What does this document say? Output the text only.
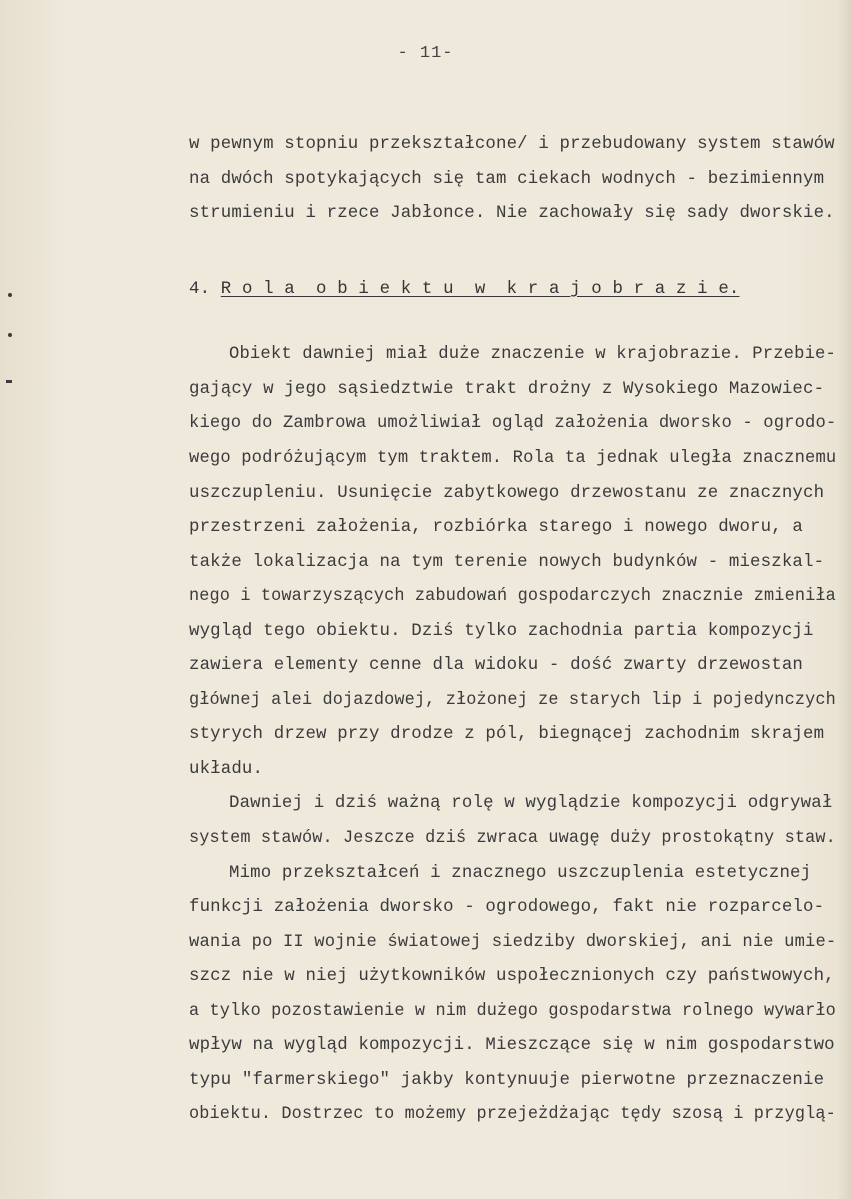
- 11-
w pewnym stopniu przekształcone/ i przebudowany system stawów
na dwóch spotykających się tam ciekach wodnych - bezimiennym
strumieniu i rzece Jabłonce. Nie zachowały się sady dworskie.
4. R o l a  o b i e k t u  w  k r a j o b r a z i e.
Obiekt dawniej miał duże znaczenie w krajobrazie. Przebie-
gający w jego sąsiedztwie trakt drożny z Wysokiego Mazowiec-
kiego do Zambrowa umożliwiał ogląd założenia dworsko - ogrodo-
wego podróżującym tym traktem. Rola ta jednak uległa znacznemu
uszczupleniu. Usunięcie zabytkowego drzewostanu ze znacznych
przestrzeni założenia, rozbiórka starego i nowego dworu, a
także lokalizacja na tym terenie nowych budynków - mieszkal-
nego i towarzyszących zabudowań gospodarczych znacznie zmieniła
wygląd tego obiektu. Dziś tylko zachodnia partia kompozycji
zawiera elementy cenne dla widoku - dość zwarty drzewostan
głównej alei dojazdowej, złożonej ze starych lip i pojedynczych
styrych drzew przy drodze z pól, biegnącej zachodnim skrajem
układu.
Dawniej i dziś ważną rolę w wyglądzie kompozycji odgrywał
system stawów. Jeszcze dziś zwraca uwagę duży prostokątny staw.
Mimo przekształceń i znacznego uszczuplenia estetycznej
funkcji założenia dworsko - ogrodowego, fakt nie rozparcelo-
wania po II wojnie światowej siedziby dworskiej, ani nie umie-
szcz nie w niej użytkowników uspołecznionych czy państwowych,
a tylko pozostawienie w nim dużego gospodarstwa rolnego wywarło
wpływ na wygląd kompozycji. Mieszczące się w nim gospodarstwo
typu "farmerskiego" jakby kontynuuje pierwotne przeznaczenie
obiektu. Dostrzec to możemy przejeżdżając tędy szosą i przyglą-
